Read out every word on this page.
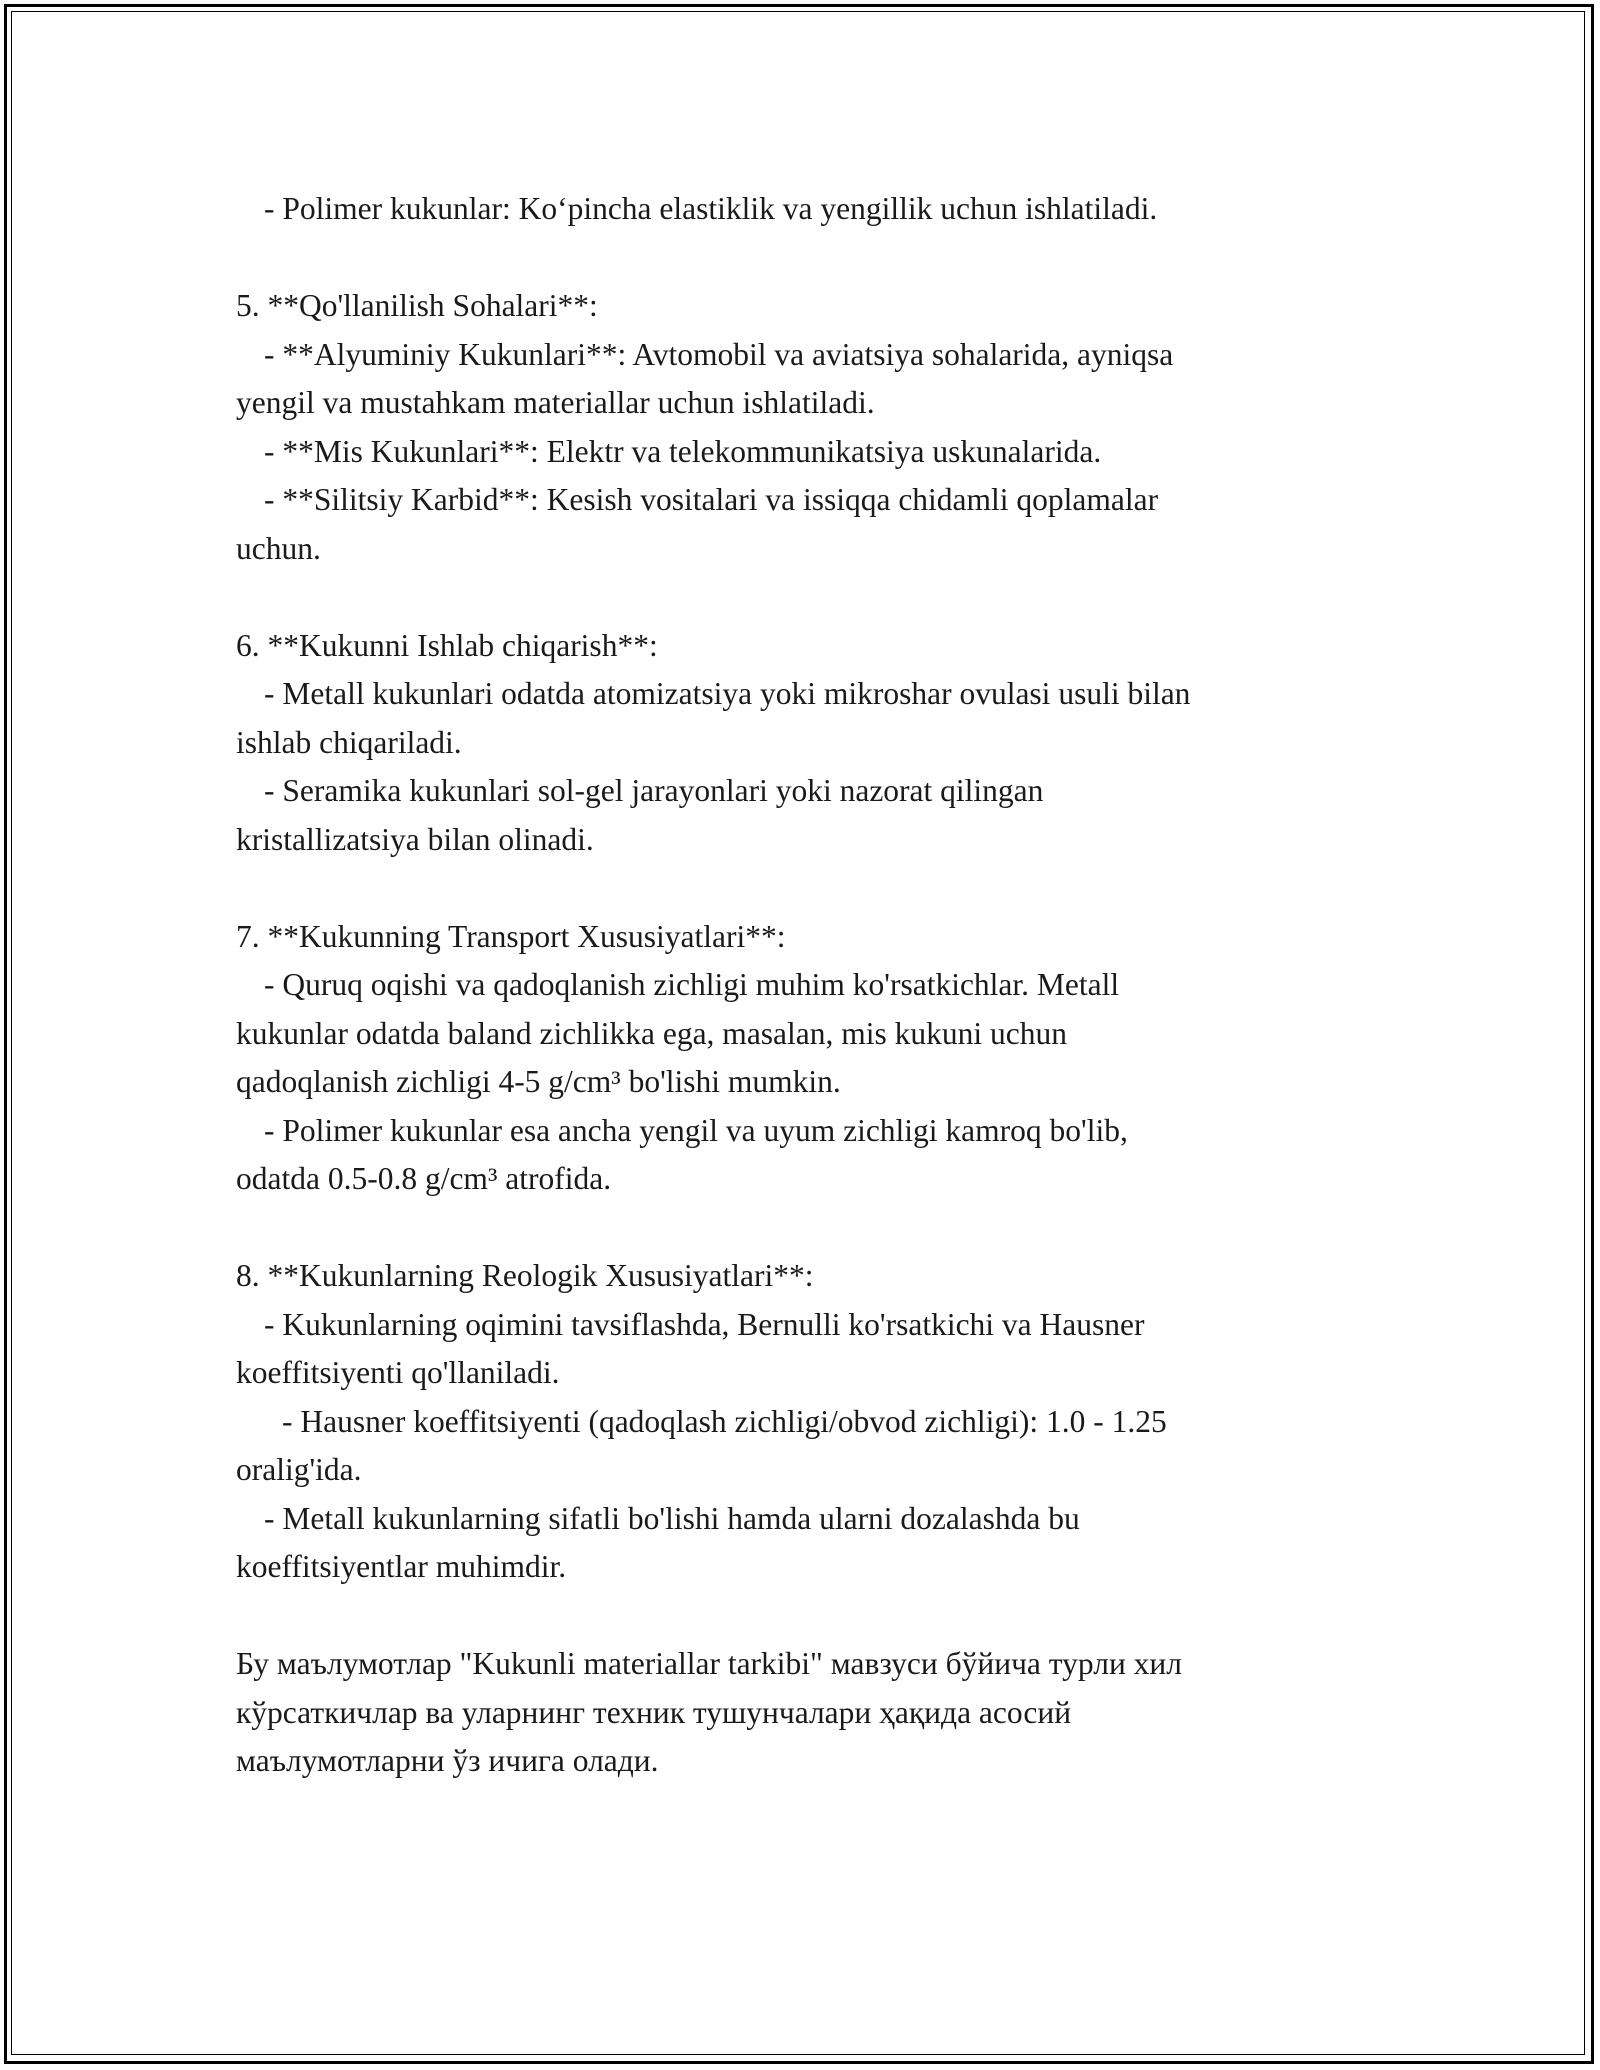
- Polimer kukunlar: Ko‘pincha elastiklik va yengillik uchun ishlatiladi.
5. **Qo'llanilish Sohalari**:
- **Alyuminiy Kukunlari**: Avtomobil va aviatsiya sohalarida, ayniqsa
yengil va mustahkam materiallar uchun ishlatiladi.
- **Mis Kukunlari**: Elektr va telekommunikatsiya uskunalarida.
- **Silitsiy Karbid**: Kesish vositalari va issiqqa chidamli qoplamalar
uchun.
6. **Kukunni Ishlab chiqarish**:
- Metall kukunlari odatda atomizatsiya yoki mikroshar ovulasi usuli bilan
ishlab chiqariladi.
- Seramika kukunlari sol-gel jarayonlari yoki nazorat qilingan
kristallizatsiya bilan olinadi.
7. **Kukunning Transport Xususiyatlari**:
- Quruq oqishi va qadoqlanish zichligi muhim ko'rsatkichlar. Metall
kukunlar odatda baland zichlikka ega, masalan, mis kukuni uchun
qadoqlanish zichligi 4-5 g/cm³ bo'lishi mumkin.
- Polimer kukunlar esa ancha yengil va uyum zichligi kamroq bo'lib,
odatda 0.5-0.8 g/cm³ atrofida.
8. **Kukunlarning Reologik Xususiyatlari**:
- Kukunlarning oqimini tavsiflashda, Bernulli ko'rsatkichi va Hausner
koeffitsiyenti qo'llaniladi.
- Hausner koeffitsiyenti (qadoqlash zichligi/obvod zichligi): 1.0 - 1.25
oralig'ida.
- Metall kukunlarning sifatli bo'lishi hamda ularni dozalashda bu
koeffitsiyentlar muhimdir.
Бу маълумотлар "Kukunli materiallar tarkibi" мавзуси бўйича турли хил
кўрсаткичлар ва уларнинг техник тушунчалари ҳақида асосий
маълумотларни ўз ичига олади.
